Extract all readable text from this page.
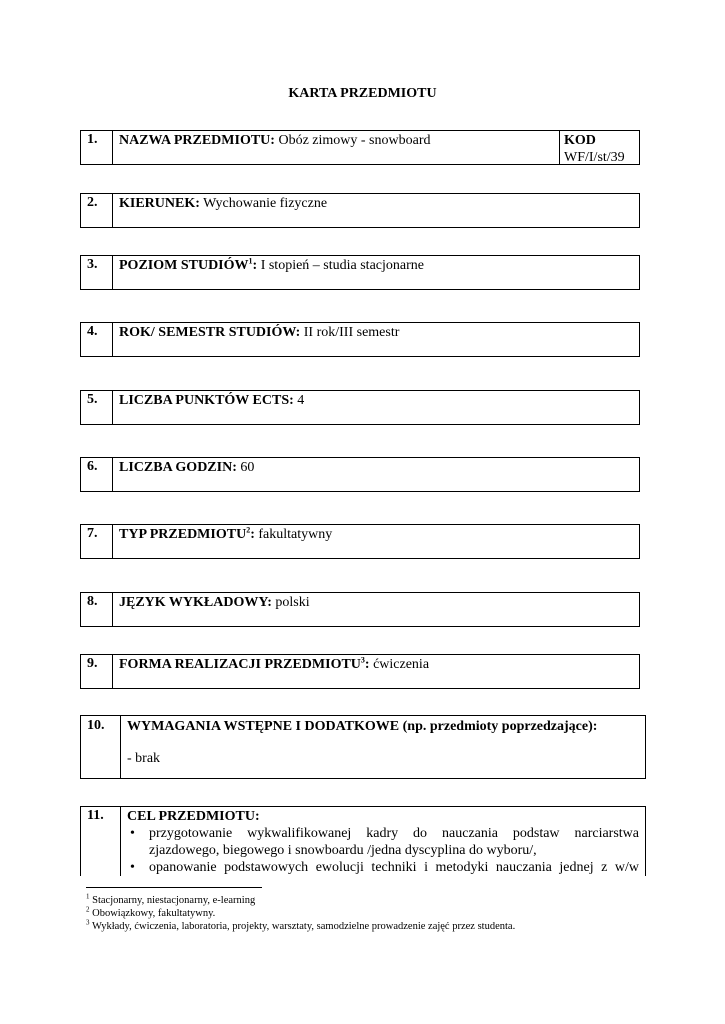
KARTA PRZEDMIOTU
1.	NAZWA PRZEDMIOTU: Obóz zimowy - snowboard	KOD
WF/I/st/39
2.	KIERUNEK: Wychowanie fizyczne
3.	POZIOM STUDIÓW$^1$: I stopień – studia stacjonarne
4.	ROK/ SEMESTR STUDIÓW: II rok/III semestr
5.	LICZBA PUNKTÓW ECTS: 4
6.	LICZBA GODZIN: 60
7.	TYP PRZEDMIOTU$^2$: fakultatywny
8.	JĘZYK WYKŁADOWY: polski
9.	FORMA REALIZACJI PRZEDMIOTU$^3$: ćwiczenia
10.	WYMAGANIA WSTĘPNE I DODATKOWE (np. przedmioty poprzedzające):
- brak
11.	CEL PRZEDMIOTU:
• przygotowanie wykwalifikowanej kadry do nauczania podstaw narciarstwa zjazdowego, biegowego i snowboardu /jedna dyscyplina do wyboru/,
• opanowanie podstawowych ewolucji techniki i metodyki nauczania jednej z w/w
$^1$ Stacjonarny, niestacjonarny, e-learning
$^2$ Obowiązkowy, fakultatywny.
$^3$ Wykłady, ćwiczenia, laboratoria, projekty, warsztaty, samodzielne prowadzenie zajęć przez studenta.
